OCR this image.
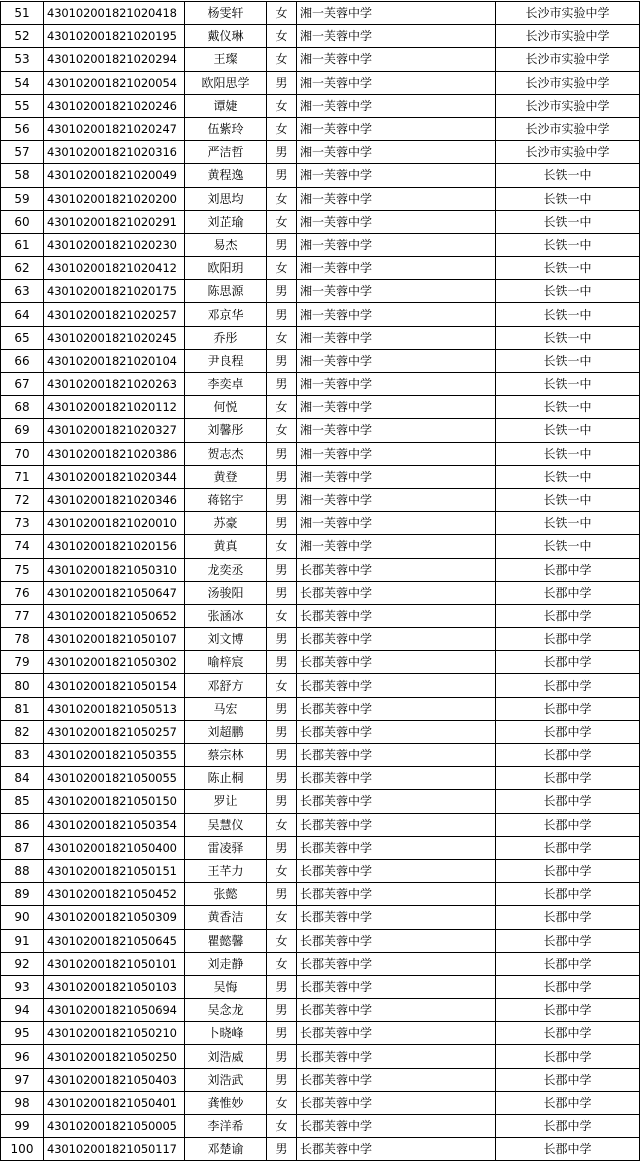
51	430102001821020418	杨雯轩	女	湘一芙蓉中学	长沙市实验中学
52	430102001821020195	戴仪琳	女	湘一芙蓉中学	长沙市实验中学
53	430102001821020294	王璨	女	湘一芙蓉中学	长沙市实验中学
54	430102001821020054	欧阳思学	男	湘一芙蓉中学	长沙市实验中学
55	430102001821020246	谭婕	女	湘一芙蓉中学	长沙市实验中学
56	430102001821020247	伍紫玲	女	湘一芙蓉中学	长沙市实验中学
57	430102001821020316	严洁哲	男	湘一芙蓉中学	长沙市实验中学
58	430102001821020049	黄程逸	男	湘一芙蓉中学	长铁一中
59	430102001821020200	刘思均	女	湘一芙蓉中学	长铁一中
60	430102001821020291	刘芷瑜	女	湘一芙蓉中学	长铁一中
61	430102001821020230	易杰	男	湘一芙蓉中学	长铁一中
62	430102001821020412	欧阳玥	女	湘一芙蓉中学	长铁一中
63	430102001821020175	陈思源	男	湘一芙蓉中学	长铁一中
64	430102001821020257	邓京华	男	湘一芙蓉中学	长铁一中
65	430102001821020245	乔彤	女	湘一芙蓉中学	长铁一中
66	430102001821020104	尹良程	男	湘一芙蓉中学	长铁一中
67	430102001821020263	李奕卓	男	湘一芙蓉中学	长铁一中
68	430102001821020112	何悦	女	湘一芙蓉中学	长铁一中
69	430102001821020327	刘馨彤	女	湘一芙蓉中学	长铁一中
70	430102001821020386	贺志杰	男	湘一芙蓉中学	长铁一中
71	430102001821020344	黄登	男	湘一芙蓉中学	长铁一中
72	430102001821020346	蒋铭宇	男	湘一芙蓉中学	长铁一中
73	430102001821020010	苏豪	男	湘一芙蓉中学	长铁一中
74	430102001821020156	黄真	女	湘一芙蓉中学	长铁一中
75	430102001821050310	龙奕丞	男	长郡芙蓉中学	长郡中学
76	430102001821050647	汤骏阳	男	长郡芙蓉中学	长郡中学
77	430102001821050652	张涵冰	女	长郡芙蓉中学	长郡中学
78	430102001821050107	刘文博	男	长郡芙蓉中学	长郡中学
79	430102001821050302	喻梓宸	男	长郡芙蓉中学	长郡中学
80	430102001821050154	邓舒方	女	长郡芙蓉中学	长郡中学
81	430102001821050513	马宏	男	长郡芙蓉中学	长郡中学
82	430102001821050257	刘超鹏	男	长郡芙蓉中学	长郡中学
83	430102001821050355	蔡宗林	男	长郡芙蓉中学	长郡中学
84	430102001821050055	陈止桐	男	长郡芙蓉中学	长郡中学
85	430102001821050150	罗让	男	长郡芙蓉中学	长郡中学
86	430102001821050354	吴慧仪	女	长郡芙蓉中学	长郡中学
87	430102001821050400	雷凌驿	男	长郡芙蓉中学	长郡中学
88	430102001821050151	王芊力	女	长郡芙蓉中学	长郡中学
89	430102001821050452	张懿	男	长郡芙蓉中学	长郡中学
90	430102001821050309	黄香洁	女	长郡芙蓉中学	长郡中学
91	430102001821050645	瞿懿馨	女	长郡芙蓉中学	长郡中学
92	430102001821050101	刘走静	女	长郡芙蓉中学	长郡中学
93	430102001821050103	吴悔	男	长郡芙蓉中学	长郡中学
94	430102001821050694	吴念龙	男	长郡芙蓉中学	长郡中学
95	430102001821050210	卜晓峰	男	长郡芙蓉中学	长郡中学
96	430102001821050250	刘浩威	男	长郡芙蓉中学	长郡中学
97	430102001821050403	刘浩武	男	长郡芙蓉中学	长郡中学
98	430102001821050401	龚惟妙	女	长郡芙蓉中学	长郡中学
99	430102001821050005	李洋希	女	长郡芙蓉中学	长郡中学
100	430102001821050117	邓楚谕	男	长郡芙蓉中学	长郡中学
